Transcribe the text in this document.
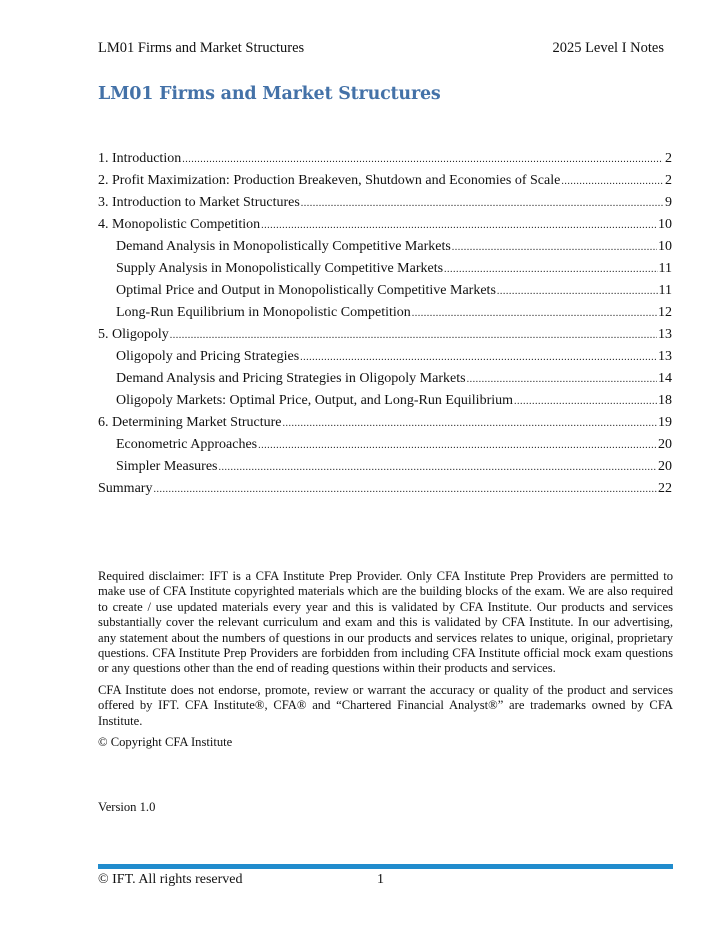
LM01 Firms and Market Structures	2025 Level I Notes
LM01 Firms and Market Structures
1. Introduction .....	2
2. Profit Maximization: Production Breakeven, Shutdown and Economies of Scale .....	2
3. Introduction to Market Structures .....	9
4. Monopolistic Competition .....	10
Demand Analysis in Monopolistically Competitive Markets .....	10
Supply Analysis in Monopolistically Competitive Markets .....	11
Optimal Price and Output in Monopolistically Competitive Markets .....	11
Long-Run Equilibrium in Monopolistic Competition .....	12
5. Oligopoly .....	13
Oligopoly and Pricing Strategies .....	13
Demand Analysis and Pricing Strategies in Oligopoly Markets .....	14
Oligopoly Markets: Optimal Price, Output, and Long-Run Equilibrium .....	18
6. Determining Market Structure .....	19
Econometric Approaches .....	20
Simpler Measures .....	20
Summary .....	22

Required disclaimer: IFT is a CFA Institute Prep Provider. Only CFA Institute Prep Providers are permitted to make use of CFA Institute copyrighted materials which are the building blocks of the exam. We are also required to create / use updated materials every year and this is validated by CFA Institute. Our products and services substantially cover the relevant curriculum and exam and this is validated by CFA Institute. In our advertising, any statement about the numbers of questions in our products and services relates to unique, original, proprietary questions. CFA Institute Prep Providers are forbidden from including CFA Institute official mock exam questions or any questions other than the end of reading questions within their products and services.

CFA Institute does not endorse, promote, review or warrant the accuracy or quality of the product and services offered by IFT. CFA Institute®, CFA® and “Chartered Financial Analyst®” are trademarks owned by CFA Institute.

© Copyright CFA Institute

Version 1.0
© IFT. All rights reserved	1
